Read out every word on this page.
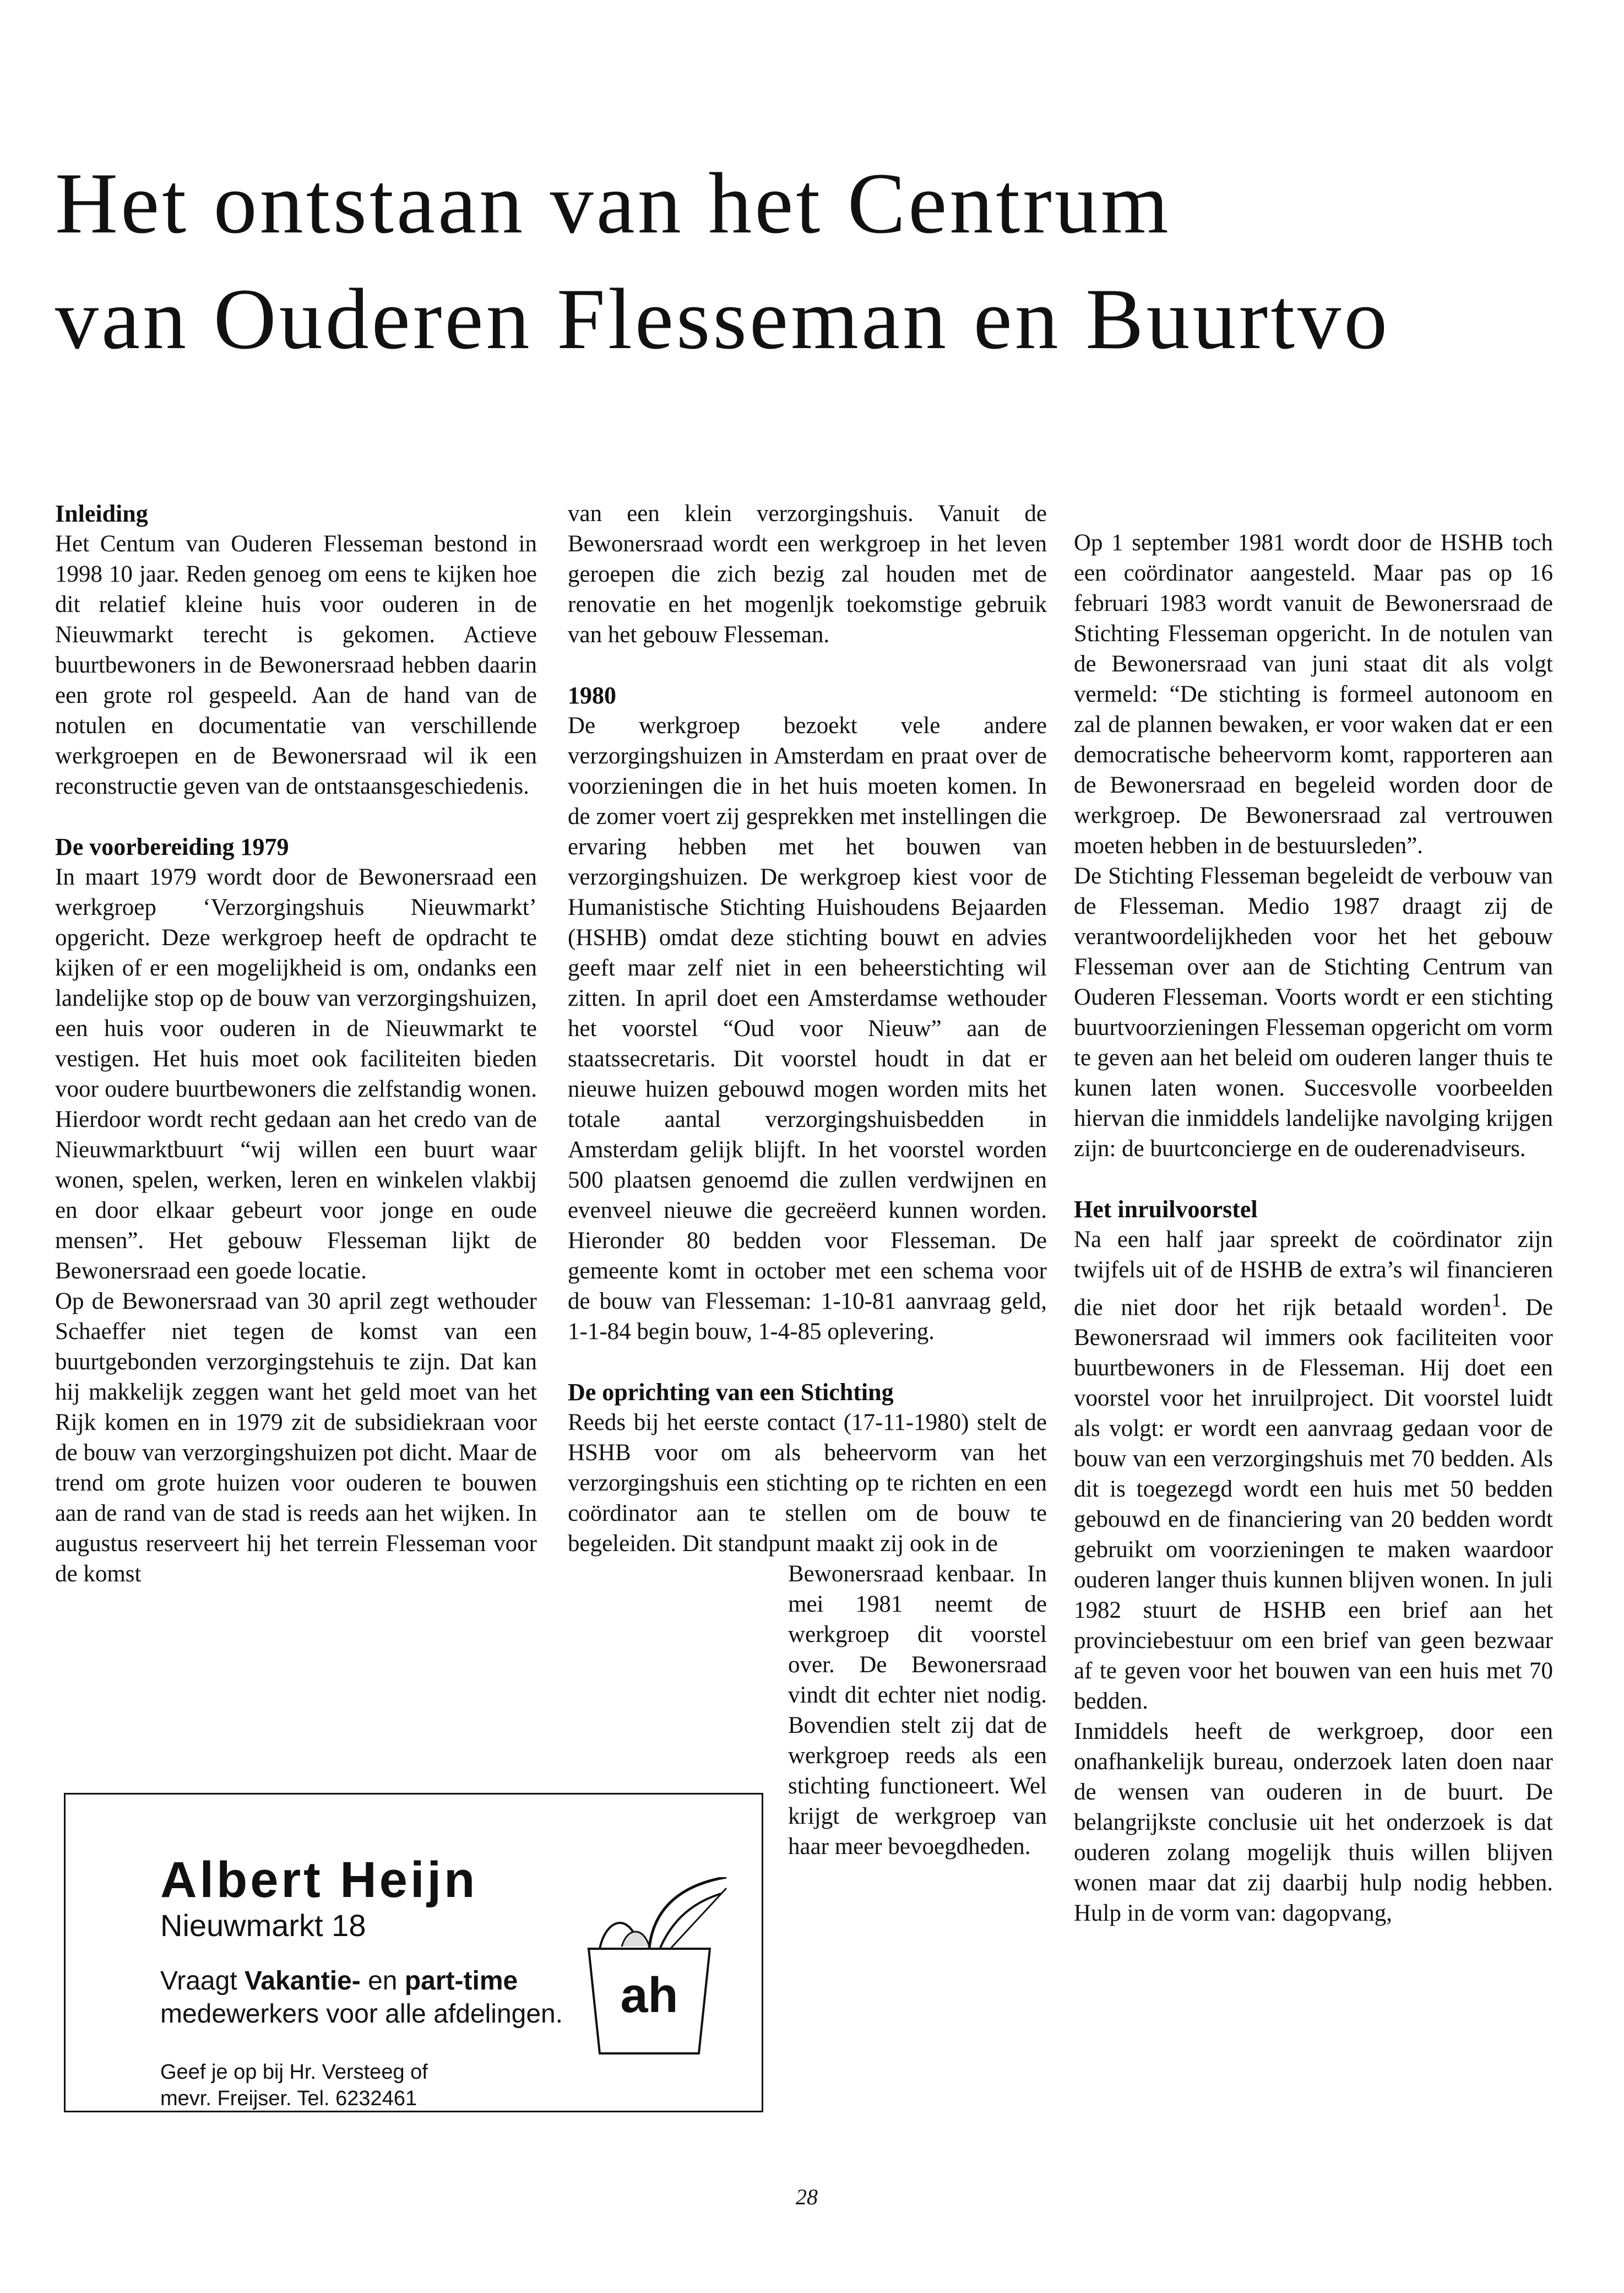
Het ontstaan van het Centrum
van Ouderen Flesseman en Buurtvo
Inleiding

Het Centum van Ouderen Flesseman bestond in 1998 10 jaar. Reden genoeg om eens te kijken hoe dit relatief kleine huis voor ouderen in de Nieuwmarkt terecht is gekomen. Actieve buurtbewoners in de Bewonersraad hebben daarin een grote rol gespeeld. Aan de hand van de notulen en documentatie van verschillende werkgroepen en de Bewonersraad wil ik een reconstructie geven van de ontstaansgeschiedenis.

De voorbereiding 1979

In maart 1979 wordt door de Bewonersraad een werkgroep ‘Verzorgingshuis Nieuwmarkt’ opgericht. Deze werkgroep heeft de opdracht te kijken of er een mogelijkheid is om, ondanks een landelijke stop op de bouw van verzorgingshuizen, een huis voor ouderen in de Nieuwmarkt te vestigen. Het huis moet ook faciliteiten bieden voor oudere buurtbewoners die zelfstandig wonen. Hierdoor wordt recht gedaan aan het credo van de Nieuwmarktbuurt “wij willen een buurt waar wonen, spelen, werken, leren en winkelen vlakbij en door elkaar gebeurt voor jonge en oude mensen”. Het gebouw Flesseman lijkt de Bewonersraad een goede locatie.

Op de Bewonersraad van 30 april zegt wethouder Schaeffer niet tegen de komst van een buurtgebonden verzorgingstehuis te zijn. Dat kan hij makkelijk zeggen want het geld moet van het Rijk komen en in 1979 zit de subsidiekraan voor de bouw van verzorgingshuizen pot dicht. Maar de trend om grote huizen voor ouderen te bouwen aan de rand van de stad is reeds aan het wijken. In augustus reserveert hij het terrein Flesseman voor de komst

van een klein verzorgingshuis. Vanuit de Bewonersraad wordt een werkgroep in het leven geroepen die zich bezig zal houden met de renovatie en het mogenljk toekomstige gebruik van het gebouw Flesseman.

1980

De werkgroep bezoekt vele andere verzorgingshuizen in Amsterdam en praat over de voorzieningen die in het huis moeten komen. In de zomer voert zij gesprekken met instellingen die ervaring hebben met het bouwen van verzorgingshuizen. De werkgroep kiest voor de Humanistische Stichting Huishoudens Bejaarden (HSHB) omdat deze stichting bouwt en advies geeft maar zelf niet in een beheerstichting wil zitten. In april doet een Amsterdamse wethouder het voorstel “Oud voor Nieuw” aan de staatssecretaris. Dit voorstel houdt in dat er nieuwe huizen gebouwd mogen worden mits het totale aantal verzorgingshuisbedden in Amsterdam gelijk blijft. In het voorstel worden 500 plaatsen genoemd die zullen verdwijnen en evenveel nieuwe die gecreëerd kunnen worden. Hieronder 80 bedden voor Flesseman. De gemeente komt in october met een schema voor de bouw van Flesseman: 1-10-81 aanvraag geld, 1-1-84 begin bouw, 1-4-85 oplevering.

De oprichting van een Stichting

Reeds bij het eerste contact (17-11-1980) stelt de HSHB voor om als beheervorm van het verzorgingshuis een stichting op te richten en een coördinator aan te stellen om de bouw te begeleiden. Dit standpunt maakt zij ook in de

Bewonersraad kenbaar. In mei 1981 neemt de werkgroep dit voorstel over. De Bewonersraad vindt dit echter niet nodig. Bovendien stelt zij dat de werkgroep reeds als een stichting functioneert. Wel krijgt de werkgroep van haar meer bevoegdheden.

Op 1 september 1981 wordt door de HSHB toch een coördinator aangesteld. Maar pas op 16 februari 1983 wordt vanuit de Bewonersraad de Stichting Flesseman opgericht. In de notulen van de Bewonersraad van juni staat dit als volgt vermeld: “De stichting is formeel autonoom en zal de plannen bewaken, er voor waken dat er een democratische beheervorm komt, rapporteren aan de Bewonersraad en begeleid worden door de werkgroep. De Bewonersraad zal vertrouwen moeten hebben in de bestuursleden”.

De Stichting Flesseman begeleidt de verbouw van de Flesseman. Medio 1987 draagt zij de verantwoordelijkheden voor het het gebouw Flesseman over aan de Stichting Centrum van Ouderen Flesseman. Voorts wordt er een stichting buurtvoorzieningen Flesseman opgericht om vorm te geven aan het beleid om ouderen langer thuis te kunen laten wonen. Succesvolle voorbeelden hiervan die inmiddels landelijke navolging krijgen zijn: de buurtconcierge en de ouderenadviseurs.

Het inruilvoorstel

Na een half jaar spreekt de coördinator zijn twijfels uit of de HSHB de extra’s wil financieren die niet door het rijk betaald worden$^1$. De Bewonersraad wil immers ook faciliteiten voor buurtbewoners in de Flesseman. Hij doet een voorstel voor het inruilproject. Dit voorstel luidt als volgt: er wordt een aanvraag gedaan voor de bouw van een verzorgingshuis met 70 bedden. Als dit is toegezegd wordt een huis met 50 bedden gebouwd en de financiering van 20 bedden wordt gebruikt om voorzieningen te maken waardoor ouderen langer thuis kunnen blijven wonen. In juli 1982 stuurt de HSHB een brief aan het provinciebestuur om een brief van geen bezwaar af te geven voor het bouwen van een huis met 70 bedden.

Inmiddels heeft de werkgroep, door een onafhankelijk bureau, onderzoek laten doen naar de wensen van ouderen in de buurt. De belangrijkste conclusie uit het onderzoek is dat ouderen zolang mogelijk thuis willen blijven wonen maar dat zij daarbij hulp nodig hebben. Hulp in de vorm van: dagopvang,

Albert Heijn
Nieuwmarkt 18
Vraagt Vakantie- en part-time
medewerkers voor alle afdelingen.
Geef je op bij Hr. Versteeg of
mevr. Freijser. Tel. 6232461
ah
28
